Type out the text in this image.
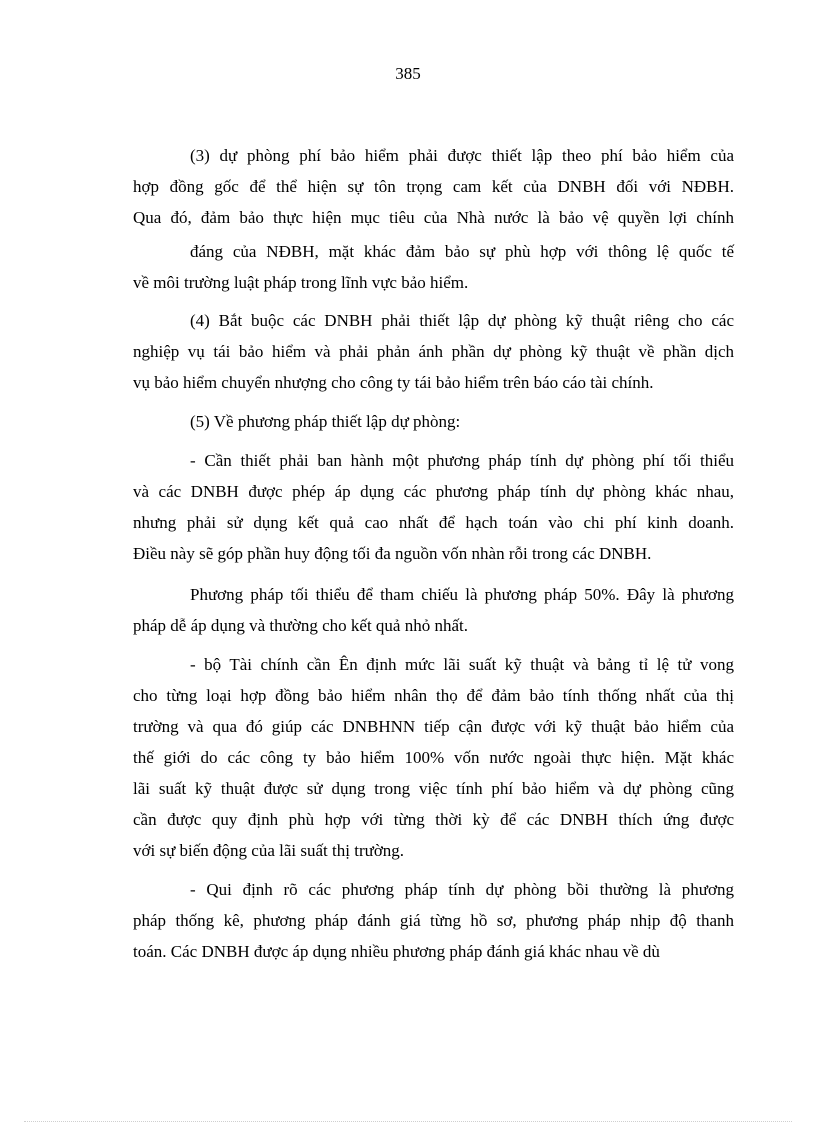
385
(3) dự phòng phí bảo hiểm phải được thiết lập theo phí bảo hiểm của
hợp đồng gốc để thể hiện sự tôn trọng cam kết của DNBH đối với NĐBH.
Qua đó, đảm bảo thực hiện mục tiêu của Nhà nước là bảo vệ quyền lợi chính
đáng của NĐBH, mặt khác đảm bảo sự phù hợp với thông lệ quốc tế
về môi trường luật pháp trong lĩnh vực bảo hiểm.
(4) Bắt buộc các DNBH phải thiết lập dự phòng kỹ thuật riêng cho các
nghiệp vụ tái bảo hiểm và phải phản ánh phần dự phòng kỹ thuật về phần dịch
vụ bảo hiểm chuyển nhượng cho công ty tái bảo hiểm trên báo cáo tài chính.
(5) Về phương pháp thiết lập dự phòng:
- Cần thiết phải ban hành một phương pháp tính dự phòng phí tối thiểu
và các DNBH được phép áp dụng các phương pháp tính dự phòng khác nhau,
nhưng phải sử dụng kết quả cao nhất để hạch toán vào chi phí kinh doanh.
Điều này sẽ góp phần huy động tối đa nguồn vốn nhàn rỗi trong các DNBH.
Phương pháp tối thiểu để tham chiếu là phương pháp 50%. Đây là phương
pháp dễ áp dụng và thường cho kết quả nhỏ nhất.
- bộ Tài chính cần Ên định mức lãi suất kỹ thuật và bảng tỉ lệ tử vong
cho từng loại hợp đồng bảo hiểm nhân thọ để đảm bảo tính thống nhất của thị
trường và qua đó giúp các DNBHNN tiếp cận được với kỹ thuật bảo hiểm của
thế giới do các công ty bảo hiểm 100% vốn nước ngoài thực hiện. Mặt khác
lãi suất kỹ thuật được sử dụng trong việc tính phí bảo hiểm và dự phòng cũng
cần được quy định phù hợp với từng thời kỳ để các DNBH thích ứng được
với sự biến động của lãi suất thị trường.
- Qui định rõ các phương pháp tính dự phòng bồi thường là phương
pháp thống kê, phương pháp đánh giá từng hồ sơ, phương pháp nhịp độ thanh
toán. Các DNBH được áp dụng nhiều phương pháp đánh giá khác nhau về dù
